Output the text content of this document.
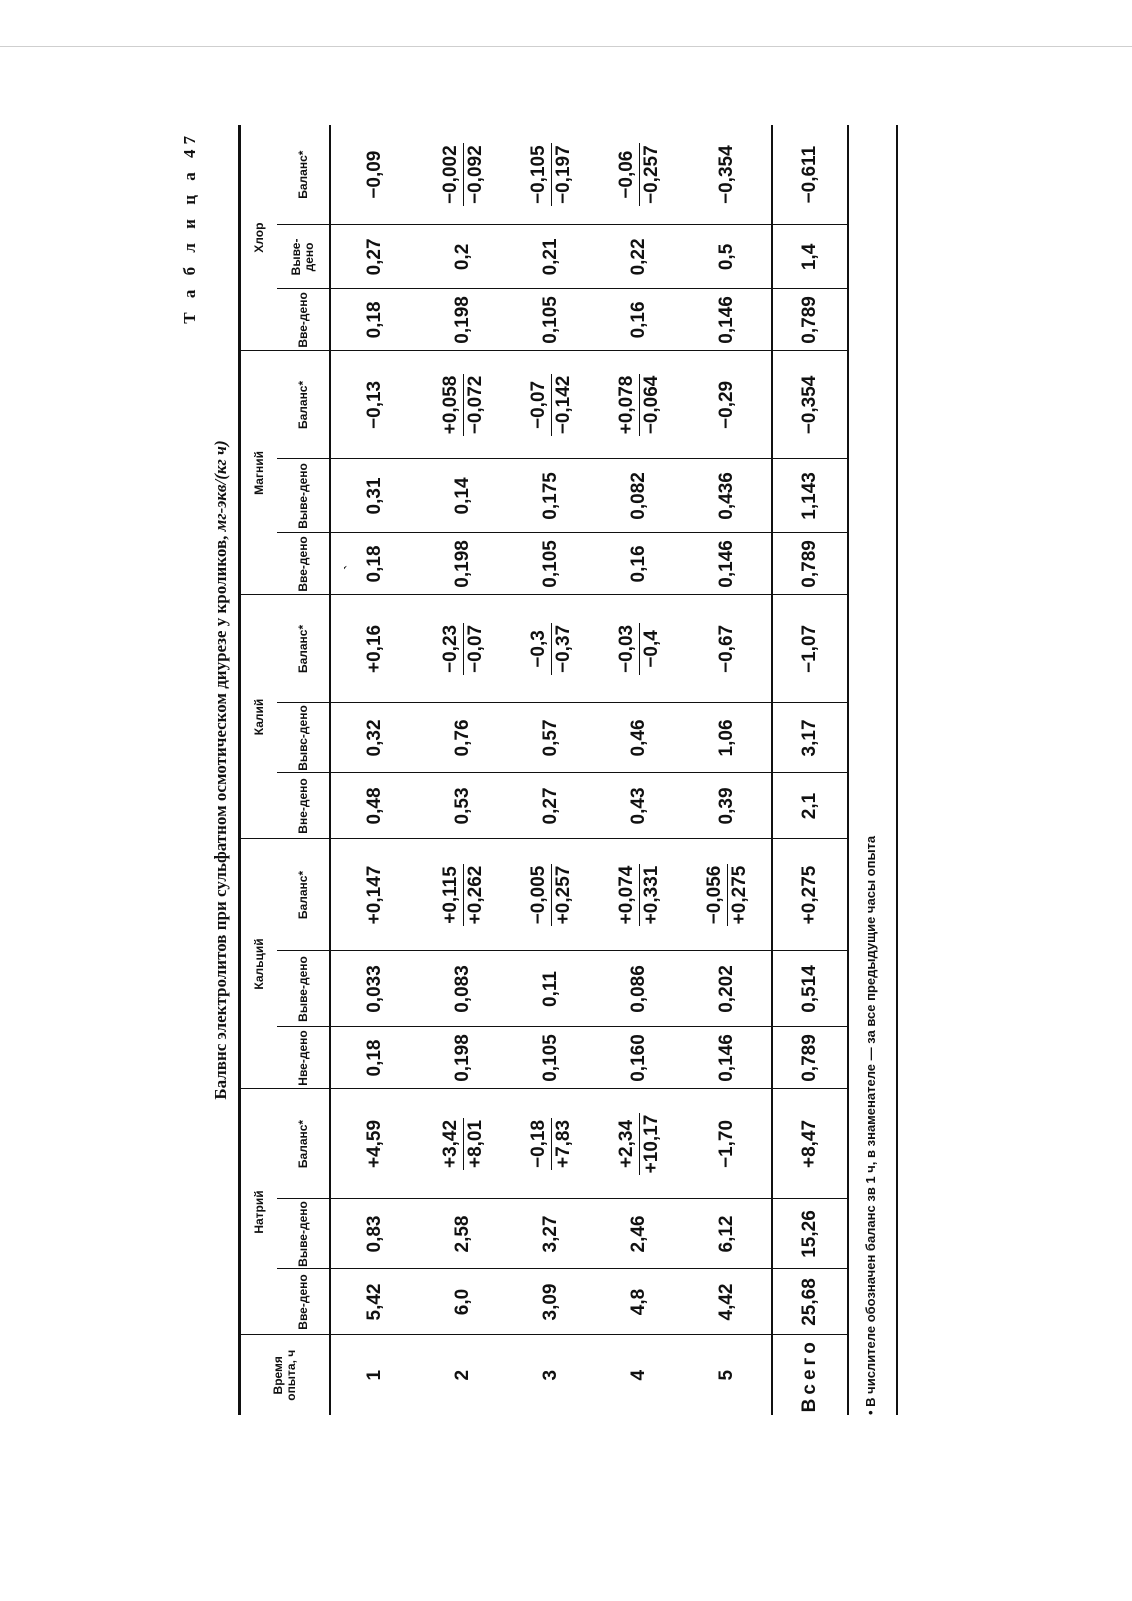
Т а б л и ц а 47
Балвнс электролитов при сульфатном осмотическом диурезе у кроликов, мг-экв/(кг ч)
Время опыта, ч	Натрий			Кальций			Калий			Магний			Хлор		
	Вве-дено	Выве-дено	Баланс*	Нве-дено	Выве-дено	Баланс*	Вне-дено	Вывс-дено	Баланс*	Вве-дено	Выве-дено	Баланс*	Вве-дено	Выве-дено	Баланс*
1	5,42	0,83	+4,59	0,18	0,033	+0,147	0,48	0,32	+0,16	0,18	0,31	−0,13	0,18	0,27	−0,09
2	6,0	2,58	+3,42 +8,01	0,198	0,083	+0,115 +0,262	0,53	0,76	−0,23 −0,07	0,198	0,14	+0,058 −0,072	0,198	0,2	−0,002 −0,092

3	3,09	3,27	−0,18 +7,83	0,105	0,11	−0,005 +0,257	0,27	0,57	−0,3 −0,37	0,105	0,175	−0,07 −0,142	0,105	0,21	−0,105 −0,197

4	4,8	2,46	+2,34 +10,17	0,160	0,086	+0,074 +0,331	0,43	0,46	−0,03 −0,4	0,16	0,082	+0,078 −0,064	0,16	0,22	−0,06 −0,257

5	4,42	6,12	−1,70	0,146	0,202	−0,056 +0,275	0,39	1,06	−0,67	0,146	0,436	−0,29	0,146	0,5	−0,354
Всего	25,68	15,26	+8,47	0,789	0,514	+0,275	2,1	3,17	−1,07	0,789	1,143	−0,354	0,789	1,4	−0,611
• В числителе обозначен баланс зв 1 ч, в знаменателе — за все предыдущие часы опыта
ˏ
